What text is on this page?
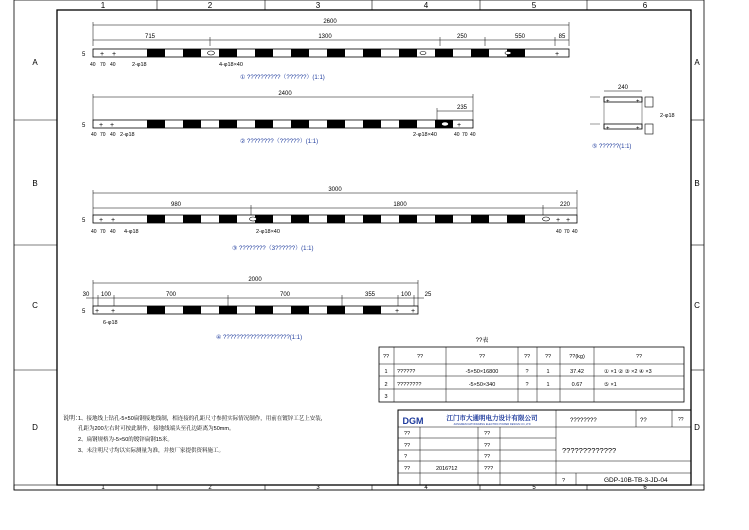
1	2	3	4	5	6
1	2	3	4	5	6
A
B
C
D
A
B
C
D
2600
715	1300	250	550	85
+ +	+
5
40 70 40	2-φ18	4-φ18×40
① ??????????（??????）(1:1)
2400
235
+ +	+
5
40 70 40 2-φ18	2-φ18×40	40 70 40
② ????????（??????）(1:1)
240
+	+
+	+
2-φ18
⑤ ??????(1:1)
3000
980	1800	220
+ +	+ +
5
40 70 40 4-φ18	2-φ18×40	40 70 40
③ ????????（3??????）(1:1)
2000
30 100	700	700	355	100 25
+ +	+	+	+ +
5
6-φ18
④ ????????????????????(1:1)	??表
??	??	??	??	??	??(kg)	??
1 ??????	-5×50×16800	?	1	37.42	① ×1 ② ③ ×2 ④ ×3
2 ????????	-5×50×340	?	1	0.67	⑤ ×1
3
说明：
1、接地线上钻孔-5×50扁钢接地线制，相连接的孔距尺寸参照实际情况制作，用前在镀锌工艺上安装，
孔距为200左右时可按此制作，接地线端头至孔边距离为50mm。
2、扁钢规格为-5×50的镀锌扁钢15米。
3、未注明尺寸均以实际测量为准，并按厂家提供资料施工。
DGM	江门市大通明电力设计有限公司
JIANGMEN DATONGMING ELECTRIC POWER DESIGN CO.,LTD
????????	??	??
?????????????
??	??
??	??
?	??
??	2016?12	???
?	GDP-10B-TB-3-JD-04
